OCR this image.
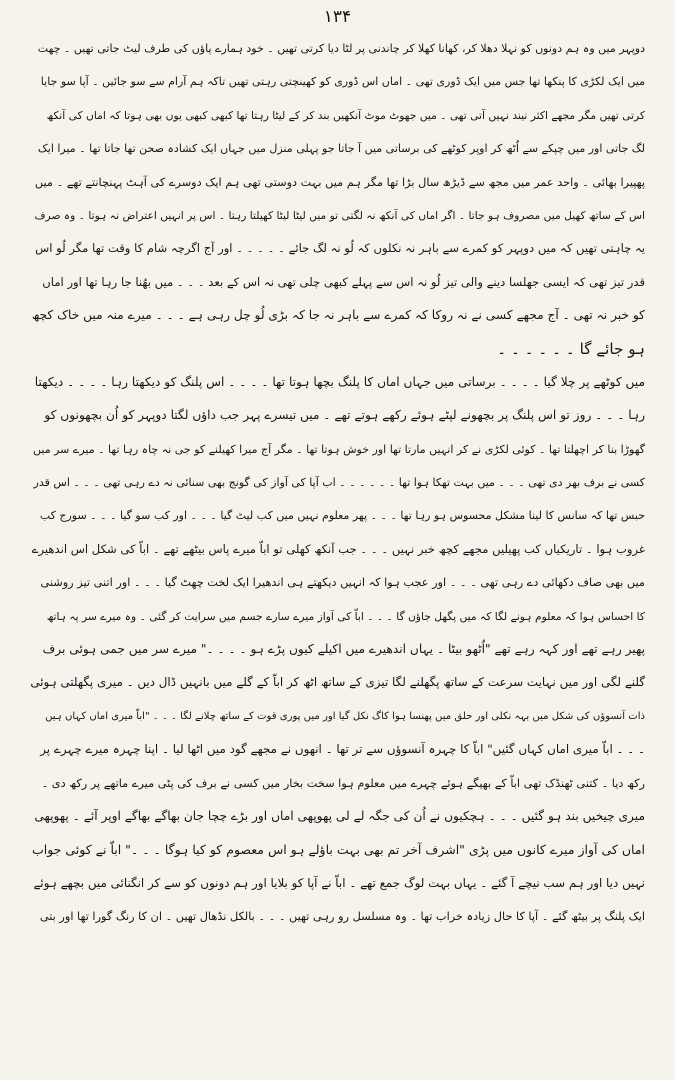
۱۳۴
دوپہر میں وہ ہم دونوں کو نہلا دھلا کر، کھانا کھلا کر چاندنی پر لٹا دیا کرتی تھیں ۔ خود ہمارے پاؤں کی طرف لیٹ جاتی تھیں ۔ چھت
میں ایک لکڑی کا پنکھا تھا جس میں ایک ڈوری تھی ۔ اماں اس ڈوری کو کھینچتی رہتی تھیں تاکہ ہم آرام سے سو جائیں ۔ آپا سو جایا
کرتی تھیں مگر مجھے اکثر نیند نہیں آتی تھی ۔ میں جھوٹ موٹ آنکھیں بند کر کے لیٹا رہتا تھا کبھی کبھی یوں بھی ہوتا کہ اماں کی آنکھ
لگ جاتی اور میں چپکے سے اُٹھ کر اوپر کوٹھے کی برساتی میں آ جاتا جو پہلی منزل میں جہاں ایک کشادہ صحن تھا جاتا تھا ۔ میرا ایک
پھپیرا بھائی ۔ واحد عمر میں مجھ سے ڈیڑھ سال بڑا تھا مگر ہم میں بہت دوستی تھی ہم ایک دوسرے کی آہٹ پہنچانتے تھے ۔ میں
اس کے ساتھ کھیل میں مصروف ہو جاتا ۔ اگر اماں کی آنکھ نہ لگتی تو میں لیٹا لیٹا کھیلتا رہتا ۔ اس پر انہیں اعتراض نہ ہوتا ۔ وہ صرف
یہ چاہتی تھیں کہ میں دوپہر کو کمرے سے باہر نہ نکلوں کہ لُو نہ لگ جائے ۔ ۔ ۔ ۔ ۔ اور آج اگرچہ شام کا وقت تھا مگر لُو اس
قدر تیز تھی کہ ایسی جھلسا دینے والی تیز لُو نہ اس سے پہلے کبھی چلی تھی نہ اس کے بعد ۔ ۔ ۔ میں بھُنا جا رہا تھا اور اماں
کو خبر نہ تھی ۔ آج مجھے کسی نے نہ روکا کہ کمرے سے باہر نہ جا کہ بڑی لُو چل رہی ہے ۔ ۔ ۔ میرے منہ میں خاک کچھ
ہو جائے گا ۔ ۔ ۔ ۔ ۔ ۔
میں کوٹھے پر چلا گیا ۔ ۔ ۔ ۔ برساتی میں جہاں اماں کا پلنگ بچھا ہوتا تھا ۔ ۔ ۔ ۔ اس پلنگ کو دیکھتا رہا ۔ ۔ ۔ ۔ دیکھتا
رہا ۔ ۔ ۔ روز تو اس پلنگ پر بچھونے لپٹے ہوئے رکھے ہوتے تھے ۔ میں تیسرے پہر جب داؤں لگتا دوپہر کو اُن بچھونوں کو
گھوڑا بنا کر اچھلتا تھا ۔ کوئی لکڑی نے کر انہیں مارتا تھا اور خوش ہوتا تھا ۔ مگر آج میرا کھیلنے کو جی نہ چاہ رہا تھا ۔ میرے سر میں
کسی نے برف بھر دی تھی ۔ ۔ ۔ میں بہت تھکا ہوا تھا ۔ ۔ ۔ ۔ ۔ ۔ اب آپا کی آواز کی گونج بھی سنائی نہ دے رہی تھی ۔ ۔ ۔ اس قدر
حبس تھا کہ سانس کا لینا مشکل محسوس ہو رہا تھا ۔ ۔ ۔ پھر معلوم نہیں میں کب لیٹ گیا ۔ ۔ ۔ اور کب سو گیا ۔ ۔ ۔ سورج کب
غروب ہوا ۔ تاریکیاں کب پھیلیں مجھے کچھ خبر نہیں ۔ ۔ ۔ جب آنکھ کھلی تو اباّ میرے پاس بیٹھے تھے ۔ اباّ کی شکل اس اندھیرے
میں بھی صاف دکھائی دے رہی تھی ۔ ۔ ۔ اور عجب ہوا کہ انہیں دیکھتے ہی اندھیرا ایک لخت چھٹ گیا ۔ ۔ ۔ اور اتنی تیز روشنی
کا احساس ہوا کہ معلوم ہونے لگا کہ میں پگھل جاؤں گا ۔ ۔ ۔ اباّ کی آواز میرے سارے جسم میں سرایت کر گئی ۔ وہ میرے سر پہ ہاتھ
پھیر رہے تھے اور کہہ رہے تھے "اُٹھو بیٹا ۔ یہاں اندھیرے میں اکیلے کیوں پڑے ہو ۔ ۔ ۔ ۔" میرے سر میں جمی ہوئی برف
گلنے لگی اور میں نہایت سرعت کے ساتھ پگھلنے لگا تیزی کے ساتھ اٹھ کر اباّ کے گلے میں بانہیں ڈال دیں ۔ میری پگھلتی ہوئی
ذات آنسوؤں کی شکل میں بہہ نکلی اور حلق میں پھنسا ہوا کاگ نکل گیا اور میں پوری قوت کے ساتھ چلانے لگا ۔ ۔ ۔ "اباّ میری اماں کہاں ہیں
۔ ۔ ۔ اباّ میری اماں کہاں گئیں" اباّ کا چہرہ آنسوؤں سے تر تھا ۔ انھوں نے مجھے گود میں اٹھا لیا ۔ اپنا چہرہ میرے چہرے پر
رکھ دیا ۔ کتنی ٹھنڈک تھی اباّ کے بھیگے ہوئے چہرے میں معلوم ہوا سخت بخار میں کسی نے برف کی پٹی میرے ماتھے پر رکھ دی ۔
میری چیخیں بند ہو گئیں ۔ ۔ ۔ ہچکیوں نے اُن کی جگہ لے لی پھوپھی اماں اور بڑے چچا جان بھاگے بھاگے اوپر آئے ۔ پھوپھی
اماں کی آواز میرے کانوں میں پڑی "اشرف آخر تم بھی بہت باؤلے ہو اس معصوم کو کیا ہوگا ۔ ۔ ۔" اباّ نے کوئی جواب
نہیں دیا اور ہم سب نیچے آ گئے ۔ یہاں بہت لوگ جمع تھے ۔ اباّ نے آپا کو بلایا اور ہم دونوں کو سے کر انگنائی میں بچھے ہوئے
ایک پلنگ پر بیٹھ گئے ۔ آپا کا حال زیادہ خراب تھا ۔ وہ مسلسل رو رہی تھیں ۔ ۔ ۔ بالکل نڈھال تھیں ۔ ان کا رنگ گورا تھا اور بتی
